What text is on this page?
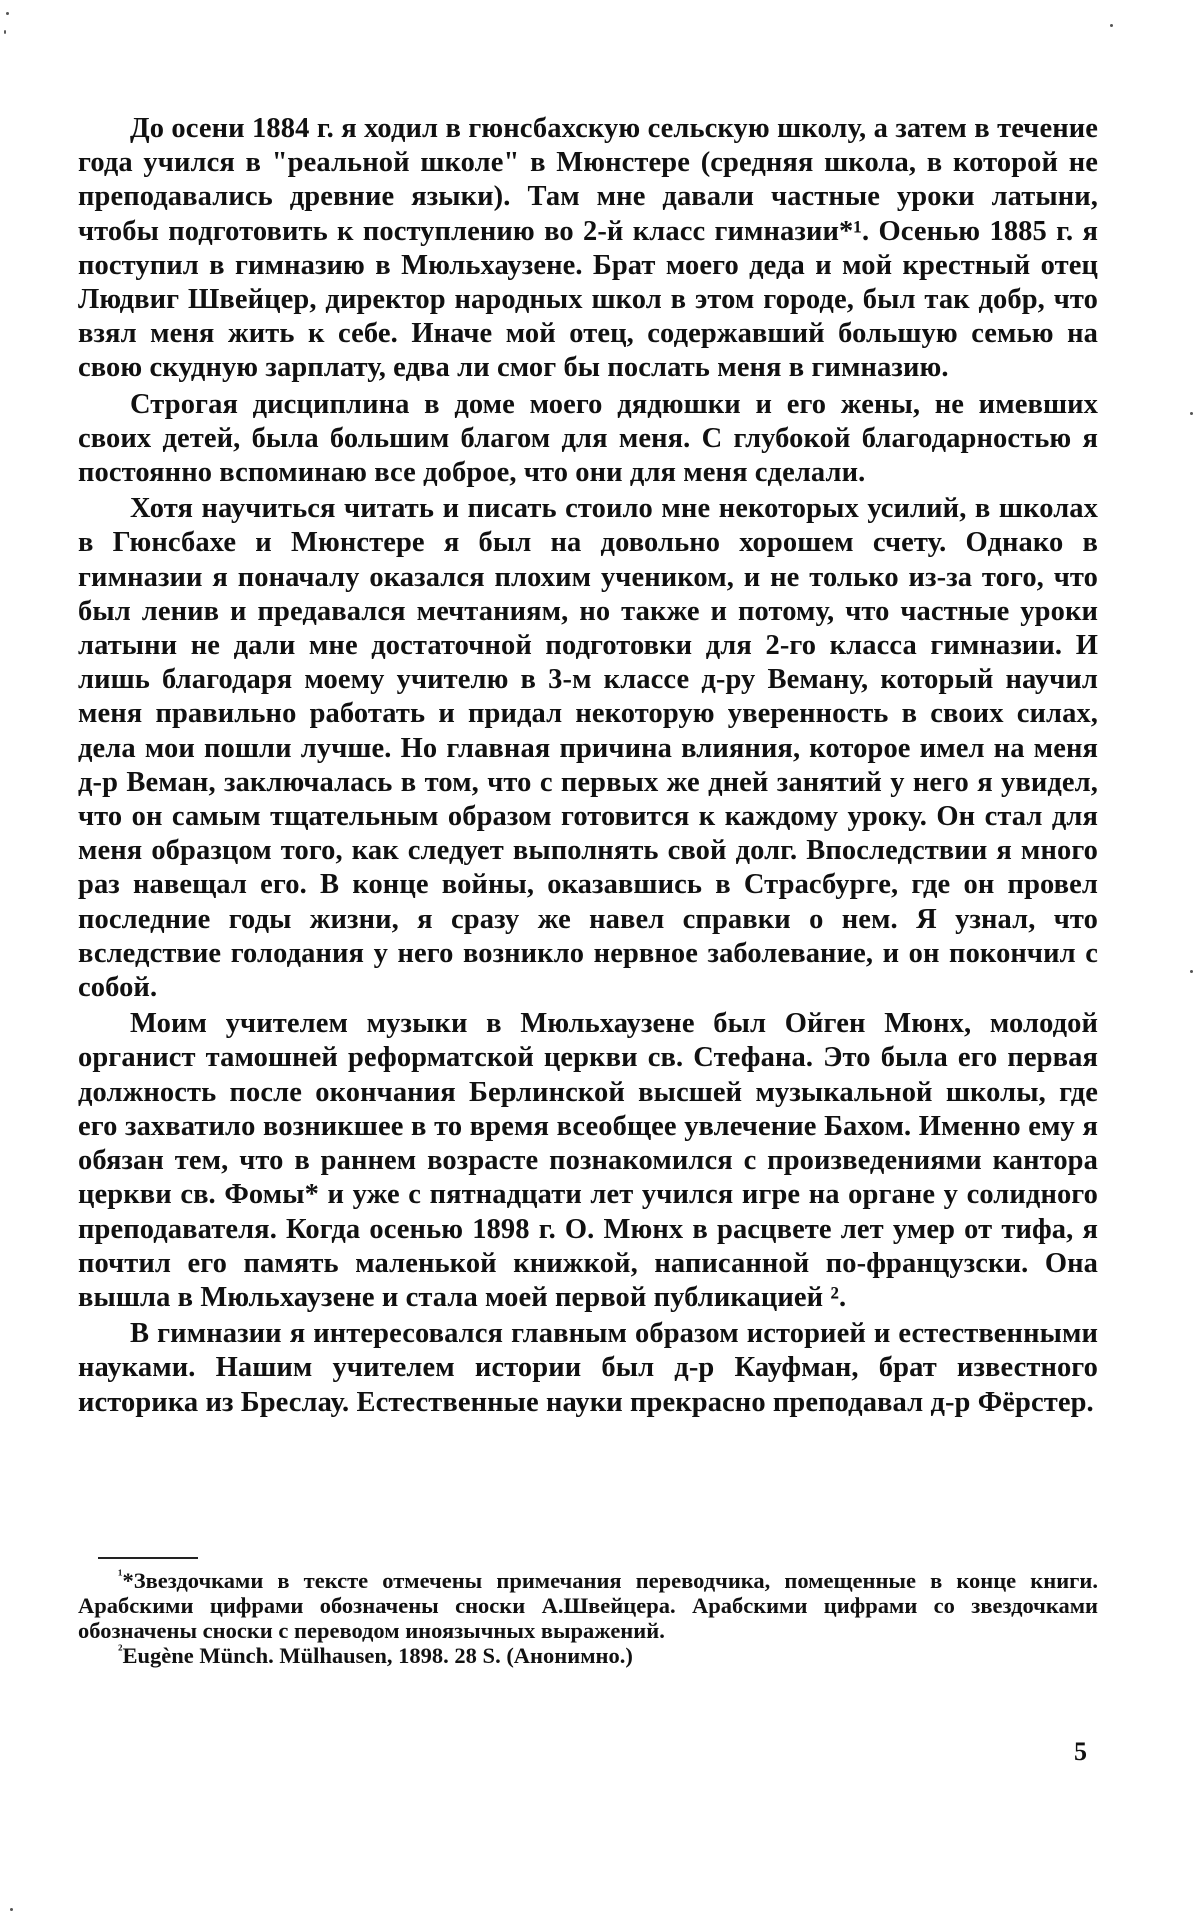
До осени 1884 г. я ходил в гюнсбахскую сельскую школу, а затем в течение года учился в "реальной школе" в Мюнстере (средняя школа, в которой не преподавались древние языки). Там мне давали частные уроки латыни, чтобы подготовить к поступлению во 2-й класс гимназии*¹. Осенью 1885 г. я поступил в гимназию в Мюльхаузене. Брат моего деда и мой крестный отец Людвиг Швейцер, директор народных школ в этом городе, был так добр, что взял меня жить к себе. Иначе мой отец, содержавший большую семью на свою скудную зарплату, едва ли смог бы послать меня в гимназию.

Строгая дисциплина в доме моего дядюшки и его жены, не имевших своих детей, была большим благом для меня. С глубокой благодарностью я постоянно вспоминаю все доброе, что они для меня сделали.

Хотя научиться читать и писать стоило мне некоторых усилий, в школах в Гюнсбахе и Мюнстере я был на довольно хорошем счету. Однако в гимназии я поначалу оказался плохим учеником, и не только из-за того, что был ленив и предавался мечтаниям, но также и потому, что частные уроки латыни не дали мне достаточной подготовки для 2-го класса гимназии. И лишь благодаря моему учителю в 3-м классе д-ру Веману, который научил меня правильно работать и придал некоторую уверенность в своих силах, дела мои пошли лучше. Но главная причина влияния, которое имел на меня д-р Веман, заключалась в том, что с первых же дней занятий у него я увидел, что он самым тщательным образом готовится к каждому уроку. Он стал для меня образцом того, как следует выполнять свой долг. Впоследствии я много раз навещал его. В конце войны, оказавшись в Страсбурге, где он провел последние годы жизни, я сразу же навел справки о нем. Я узнал, что вследствие голодания у него возникло нервное заболевание, и он покончил с собой.

Моим учителем музыки в Мюльхаузене был Ойген Мюнх, молодой органист тамошней реформатской церкви св. Стефана. Это была его первая должность после окончания Берлинской высшей музыкальной школы, где его захватило возникшее в то время всеобщее увлечение Бахом. Именно ему я обязан тем, что в раннем возрасте познакомился с произведениями кантора церкви св. Фомы* и уже с пятнадцати лет учился игре на органе у солидного преподавателя. Когда осенью 1898 г. О. Мюнх в расцвете лет умер от тифа, я почтил его память маленькой книжкой, написанной по-французски. Она вышла в Мюльхаузене и стала моей первой публикацией ².

В гимназии я интересовался главным образом историей и естественными науками. Нашим учителем истории был д-р Кауфман, брат известного историка из Бреслау. Естественные науки прекрасно преподавал д-р Фёрстер.

$^{^1}$*Звездочками в тексте отмечены примечания переводчика, помещенные в конце книги. Арабскими цифрами обозначены сноски А.Швейцера. Арабскими цифрами со звездочками обозначены сноски с переводом иноязычных выражений.

$^{^2}$Eugène Münch. Mülhausen, 1898. 28 S. (Анонимно.)

5
